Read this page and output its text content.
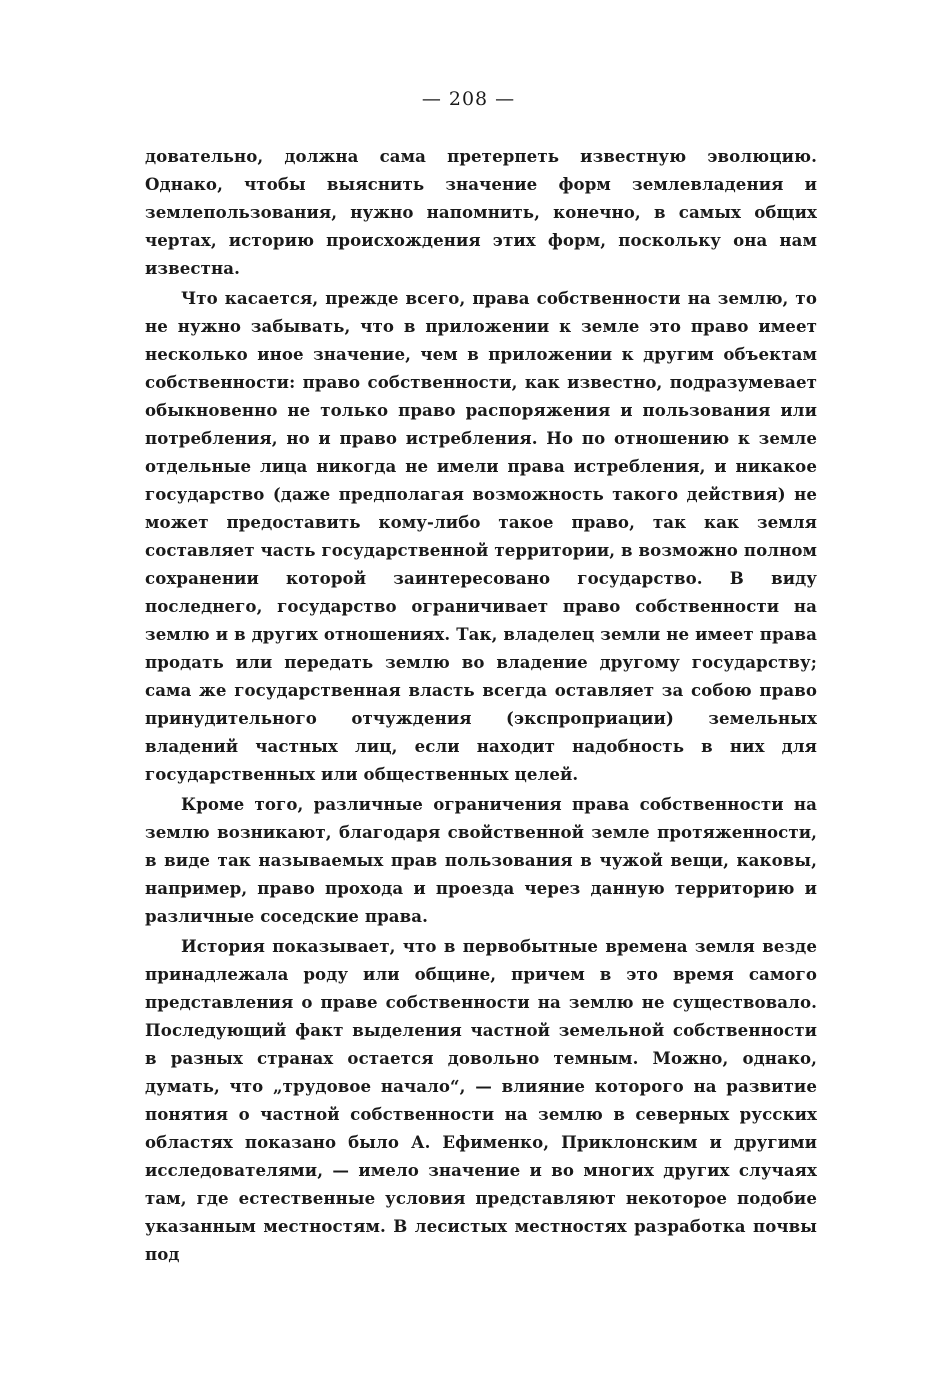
— 208 —

довательно, должна сама претерпеть известную эволюцию. Однако, чтобы выяснить значение форм землевладения и землепользования, нужно напомнить, конечно, в самых общих чертах, историю происхождения этих форм, поскольку она нам известна.

Что касается, прежде всего, права собственности на землю, то не нужно забывать, что в приложении к земле это право имеет несколько иное значение, чем в приложении к другим объектам собственности: право собственности, как известно, подразумевает обыкновенно не только право распоряжения и пользования или потребления, но и право истребления. Но по отношению к земле отдельные лица никогда не имели права истребления, и никакое государство (даже предполагая возможность такого действия) не может предоставить кому-либо такое право, так как земля составляет часть государственной территории, в возможно полном сохранении которой заинтересовано государство. В виду последнего, государство ограничивает право собственности на землю и в других отношениях. Так, владелец земли не имеет права продать или передать землю во владение другому государству; сама же государственная власть всегда оставляет за собою право принудительного отчуждения (экспроприации) земельных владений частных лиц, если находит надобность в них для государственных или общественных целей.

Кроме того, различные ограничения права собственности на землю возникают, благодаря свойственной земле протяженности, в виде так называемых прав пользования в чужой вещи, каковы, например, право прохода и проезда через данную территорию и различные соседские права.

История показывает, что в первобытные времена земля везде принадлежала роду или общине, причем в это время самого представления о праве собственности на землю не существовало. Последующий факт выделения частной земельной собственности в разных странах остается довольно темным. Можно, однако, думать, что „трудовое начало“, — влияние которого на развитие понятия о частной собственности на землю в северных русских областях показано было А. Ефименко, Приклонским и другими исследователями, — имело значение и во многих других случаях там, где естественные условия представляют некоторое подобие указанным местностям. В лесистых местностях разработка почвы под
